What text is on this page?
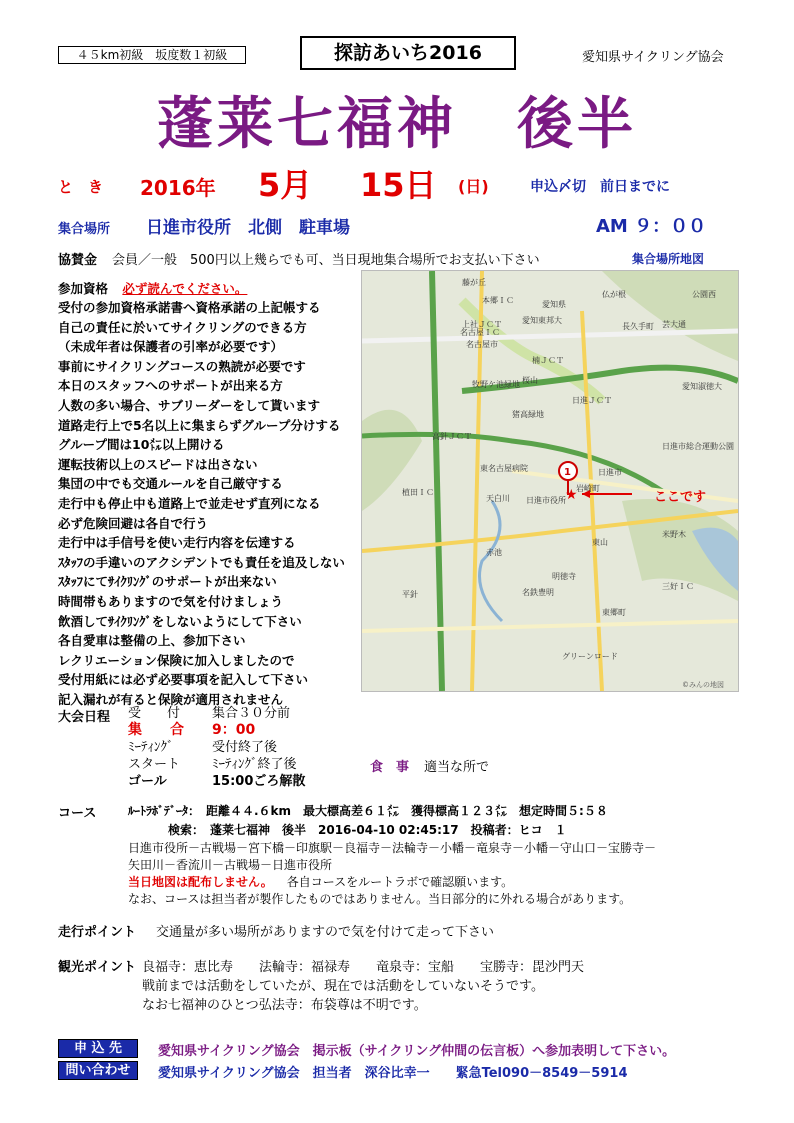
４５km初級　坂度数１初級	探訪あいち2016	愛知県サイクリング協会
蓬莱七福神　後半
と　き 2016年 5月 15日 (日)	申込〆切　前日までに
集合場所 日進市役所　北側　駐車場	AM ９：００
協賛金 会員／一般　500円以上幾らでも可、当日現地集合場所でお支払い下さい	集合場所地図
参加資格 必ず読んでください。
受付の参加資格承諾書へ資格承諾の上記帳する
自己の責任に於いてサイクリングのできる方
（未成年者は保護者の引率が必要です）
事前にサイクリングコースの熟読が必要です
本日のスタッフへのサポートが出来る方
人数の多い場合、サブリーダーをして貰います
道路走行上で5名以上に集まらずグループ分けする
グループ間は10㍍以上開ける
運転技術以上のスピードは出さない
集団の中でも交通ルールを自己厳守する
走行中も停止中も道路上で並走せず直列になる
必ず危険回避は各自で行う
走行中は手信号を使い走行内容を伝達する
ｽﾀｯﾌの手違いのアクシデントでも責任を追及しない
ｽﾀｯﾌにてｻｲｸﾘﾝｸﾞのサポートが出来ない
時間帯もありますので気を付けましょう
飲酒してｻｲｸﾘﾝｸﾞをしないようにして下さい
各自愛車は整備の上、参加下さい
レクリエーション保険に加入しましたので
受付用紙には必ず必要事項を記入して下さい
記入漏れが有ると保険が適用されません
1
★	ここです
©みんの地図
藤が丘
本郷ＩＣ
名古屋市
名古屋ＩＣ
上社ＪＣＴ	愛知東邦大
楠ＪＣＴ
高針ＪＣＴ
日進ＪＣＴ
東名古屋病院
岩崎町
日進市役所
天白川
植田ＩＣ
日進市
赤池
米野木
東郷町
名鉄豊明
日進市総合運動公園
愛知淑徳大
猪高緑地
牧野ケ池緑地 桜山
東山
明徳寺
グリーンロード
平針
三好ＩＣ
愛知県
長久手町
仏が根	公園西
芸大通
大会日程 受　　付 集合３０分前
集　　合 9：00
ﾐｰﾃｨﾝｸﾞ	受付終了後
スタート ﾐｰﾃｨﾝｸﾞ終了後
ゴール	15:00ごろ解散
食　事 適当な所で
コース	ﾙｰﾄﾗﾎﾞﾃﾞｰﾀ：　距離４４.６km　最大標高差６１㍍　獲得標高１２３㍍　想定時間５:５８
検索：　蓬莱七福神　後半　2016-04-10 02:45:17　投稿者：ヒコ　１
日進市役所－古戦場－宮下橋－印旗駅－良福寺－法輪寺－小幡－竜泉寺－小幡－守山口－宝勝寺－
矢田川－香流川－古戦場－日進市役所
当日地図は配布しません。 各自コースをルートラボで確認願います。
なお、コースは担当者が製作したものではありません。当日部分的に外れる場合があります。
走行ポイント 交通量が多い場所がありますので気を付けて走って下さい
観光ポイント 良福寺：恵比寿　　法輪寺：福禄寿　　竜泉寺：宝船　　宝勝寺：毘沙門天
戦前までは活動をしていたが、現在では活動をしていないそうです。
なお七福神のひとつ弘法寺：布袋尊は不明です。
申 込 先	愛知県サイクリング協会　掲示板（サイクリング仲間の伝言板）へ参加表明して下さい。
問い合わせ	愛知県サイクリング協会　担当者　深谷比幸一　　緊急Tel090－8549－5914
